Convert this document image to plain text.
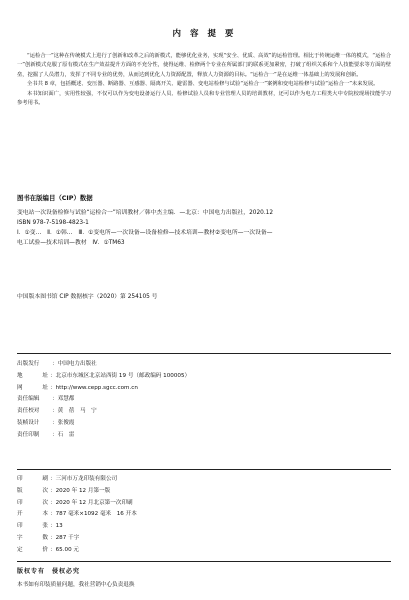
内 容 提 要

“运检合一”这种在传统模式上进行了创新和改革之后的新模式，能够优化业务，实现“安全、优质、高效”的运检管理。相比于传统运维一体的模式，“运检合一”创新模式克服了原有模式在生产效益提升方面的不充分性，使得运维、检修两个专业在所属部门的联系更加紧密，打破了组织关系和个人技能要求等方面的壁垒，挖掘了人员潜力，发挥了不同专业的优势，从而达到优化人力资源配置，释放人力资源的目标。“运检合一”是在运维一体基础上的发展和创新。

全书共 8 章，包括概述、变压器、断路器、互感器、隔离开关、避雷器、变电站检修与试验“运检合一”案例和变电站检修与试验“运检合一”未来发展。

本书知识面广，实用性较强，不仅可以作为变电设备运行人员、检修试验人员和专业管理人员的培训教材，还可以作为电力工程类大中专院校现场技能学习参考用书。

图书在版编目（CIP）数据

变电站一次设备检修与试验“运检合一”培训教材／韩中杰主编．—北京：中国电力出版社，2020.12

ISBN 978-7-5198-4823-1

Ⅰ．①变…　Ⅱ．①韩…　Ⅲ．①变电所—一次设备—设备检修—技术培训—教材②变电所—一次设备—

电工试验—技术培训—教材　Ⅳ．①TM63

中国版本图书馆 CIP 数据核字（2020）第 254105 号
出版发行	： 中国电力出版社
地址 ： 北京市东城区北京站西街 19 号（邮政编码 100005）
网址 ： http://www.cepp.sgcc.com.cn
责任编辑	： 邓慧都
责任校对	： 黄　蓓　马　宁
装帧设计	： 张俊霞
责任印制	： 石　雷
印刷 ： 三河市万龙印装有限公司
版次 ： 2020 年 12 月第一版
印次 ： 2020 年 12 月北京第一次印刷
开本 ： 787 毫米×1092 毫米　16 开本
印张 ： 13
字数 ： 287 千字
定价 ： 65.00 元

版权专有　侵权必究

本书如有印装质量问题，我社营销中心负责退换
